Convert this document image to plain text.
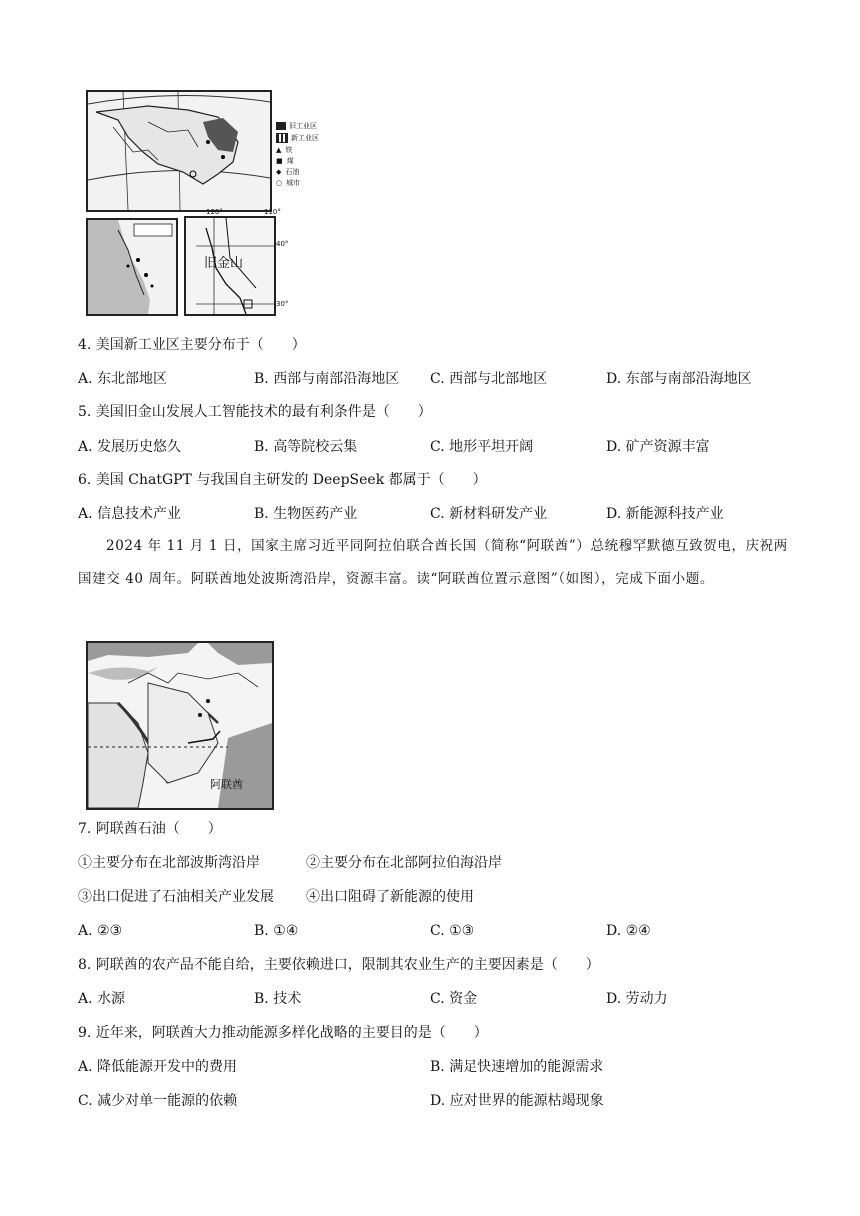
旧工业区
新工业区
▲ 铁
■ 煤
◆ 石油
○ 城市
旧金山
120°	110°
40°
30°
4. 美国新工业区主要分布于（　　）
A. 东北部地区	B. 西部与南部沿海地区 C. 西部与北部地区	D. 东部与南部沿海地区
5. 美国旧金山发展人工智能技术的最有利条件是（　　）
A. 发展历史悠久	B. 高等院校云集	C. 地形平坦开阔	D. 矿产资源丰富
6. 美国 ChatGPT 与我国自主研发的 DeepSeek 都属于（　　）
A. 信息技术产业	B. 生物医药产业	C. 新材料研发产业	D. 新能源科技产业
2024 年 11 月 1 日，国家主席习近平同阿拉伯联合酋长国（简称“阿联酋”）总统穆罕默德互致贺电，庆祝两国建交 40 周年。阿联酋地处波斯湾沿岸，资源丰富。读“阿联酋位置示意图”（如图），完成下面小题。
阿联酋
7. 阿联酋石油（　　）
①主要分布在北部波斯湾沿岸	②主要分布在北部阿拉伯海沿岸
③出口促进了石油相关产业发展 ④出口阻碍了新能源的使用
A. ②③	B. ①④	C. ①③	D. ②④
8. 阿联酋的农产品不能自给，主要依赖进口，限制其农业生产的主要因素是（　　）
A. 水源	B. 技术	C. 资金	D. 劳动力
9. 近年来，阿联酋大力推动能源多样化战略的主要目的是（　　）
A. 降低能源开发中的费用	B. 满足快速增加的能源需求
C. 减少对单一能源的依赖	D. 应对世界的能源枯竭现象
